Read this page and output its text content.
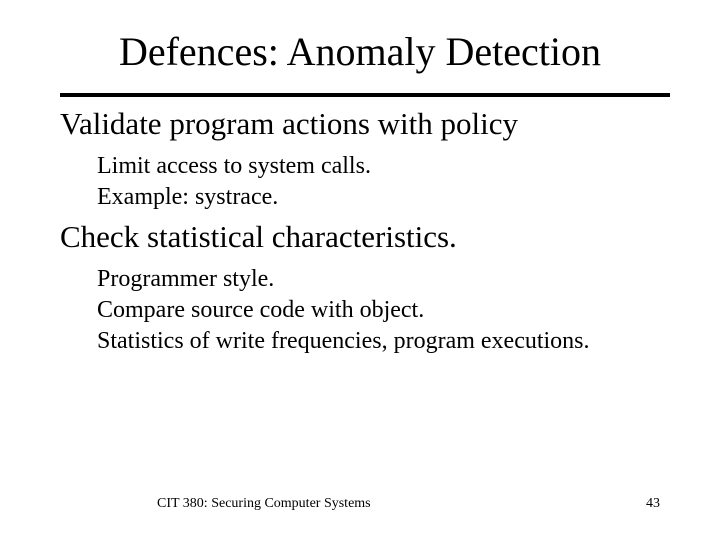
Defences: Anomaly Detection
Validate program actions with policy
Limit access to system calls.
Example: systrace.
Check statistical characteristics.
Programmer style.
Compare source code with object.
Statistics of write frequencies, program executions.
CIT 380: Securing Computer Systems	43
